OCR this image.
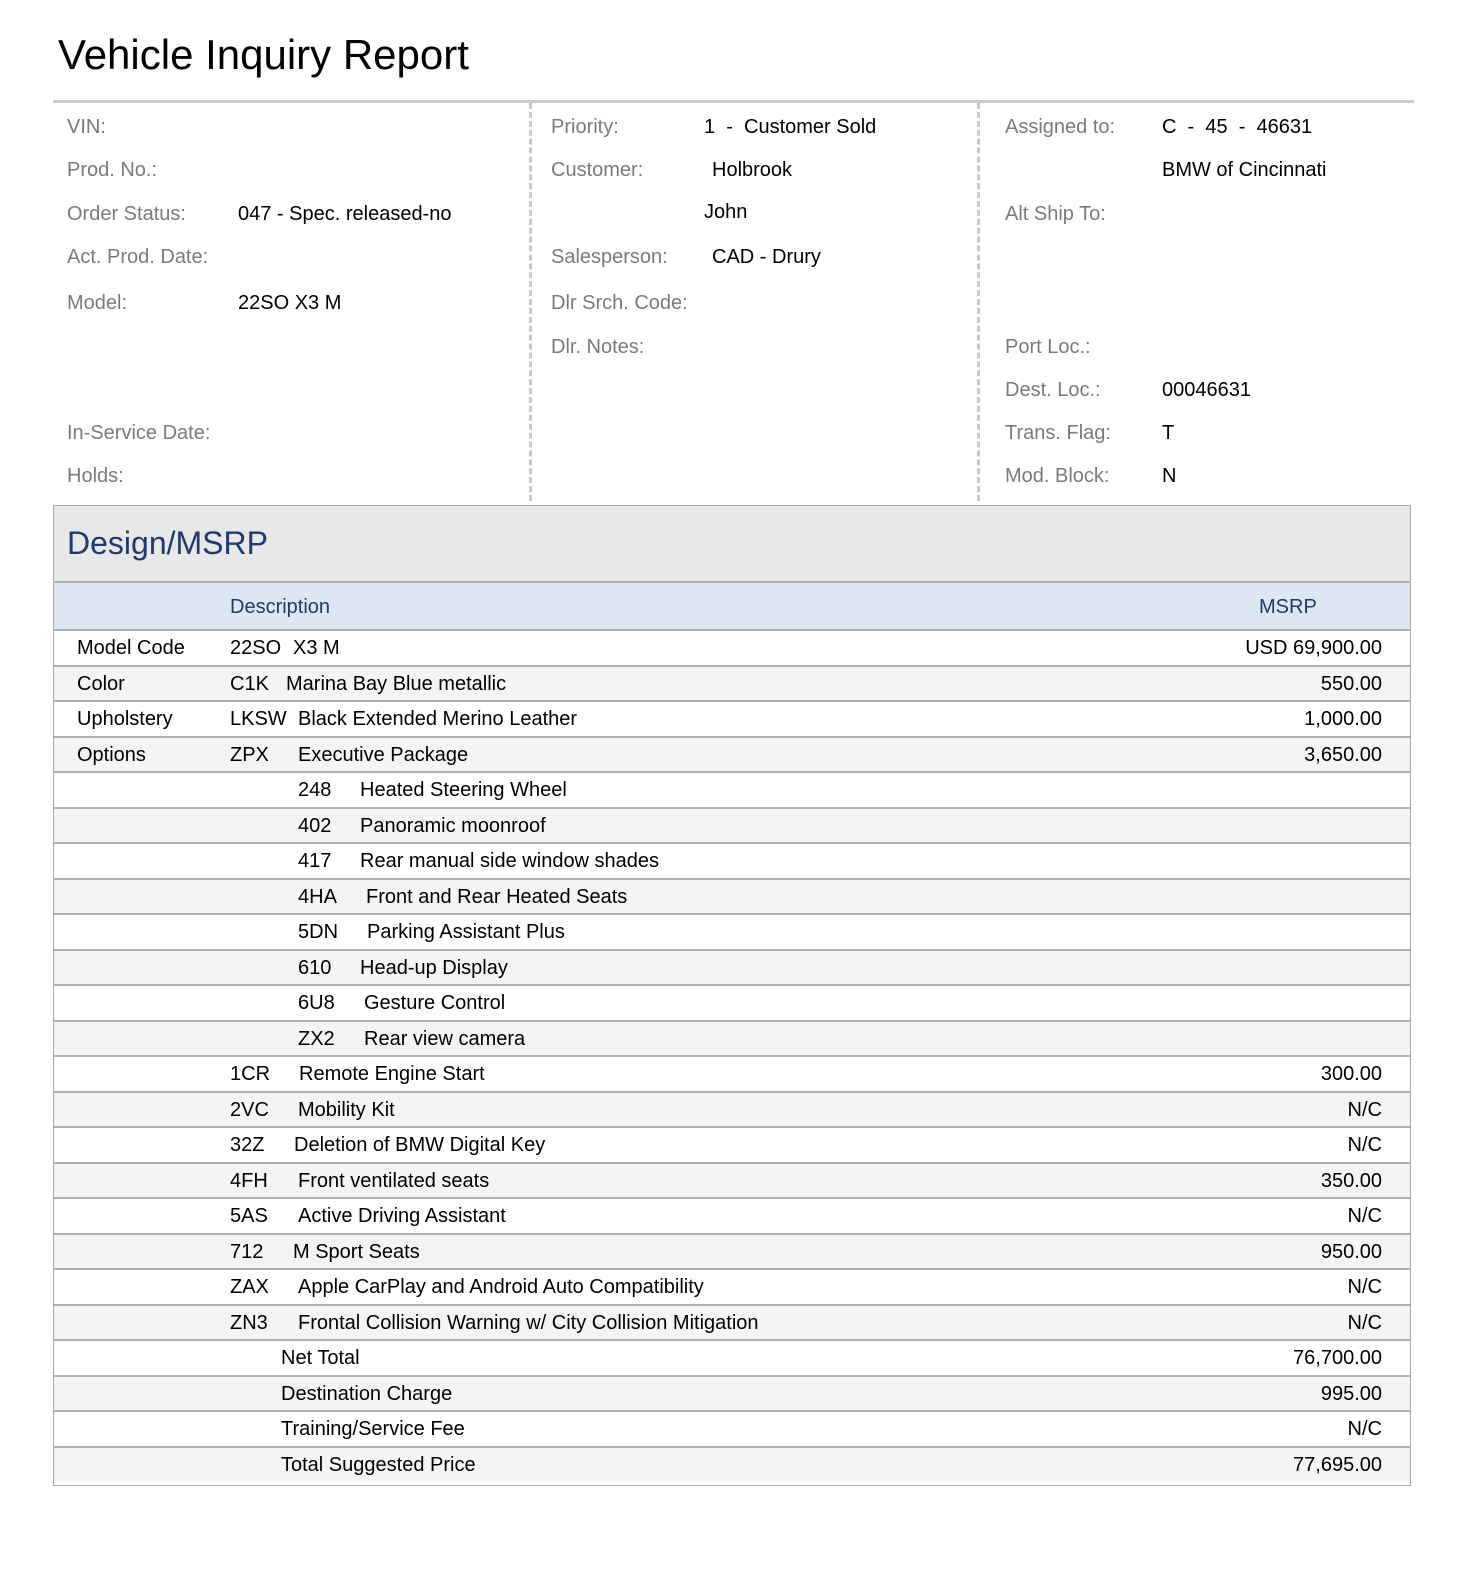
Vehicle Inquiry Report
VIN:
Prod. No.:
Order Status:	047 - Spec. released-no
Act. Prod. Date:
Model:	22SO X3 M
In-Service Date:
Holds:
Priority:	1  -  Customer Sold
Customer:	Holbrook
John
Salesperson: CAD - Drury
Dlr Srch. Code:
Dlr. Notes:
Assigned to: C  -  45  -  46631
BMW of Cincinnati
Alt Ship To:
Port Loc.:
Dest. Loc.:	00046631
Trans. Flag:	T
Mod. Block:	N
Design/MSRP
Description	MSRP
Model Code 22SO X3 M	USD 69,900.00
Color	C1K Marina Bay Blue metallic	550.00
Upholstery	LKSW Black Extended Merino Leather	1,000.00
Options	ZPX Executive Package	3,650.00
248 Heated Steering Wheel
402 Panoramic moonroof
417 Rear manual side window shades
4HA Front and Rear Heated Seats
5DN Parking Assistant Plus
610 Head-up Display
6U8 Gesture Control
ZX2 Rear view camera
1CR Remote Engine Start	300.00
2VC Mobility Kit	N/C
32Z Deletion of BMW Digital Key	N/C
4FH Front ventilated seats	350.00
5AS Active Driving Assistant	N/C
712 M Sport Seats	950.00
ZAX Apple CarPlay and Android Auto Compatibility	N/C
ZN3 Frontal Collision Warning w/ City Collision Mitigation	N/C
Net Total	76,700.00
Destination Charge	995.00
Training/Service Fee	N/C
Total Suggested Price	77,695.00
